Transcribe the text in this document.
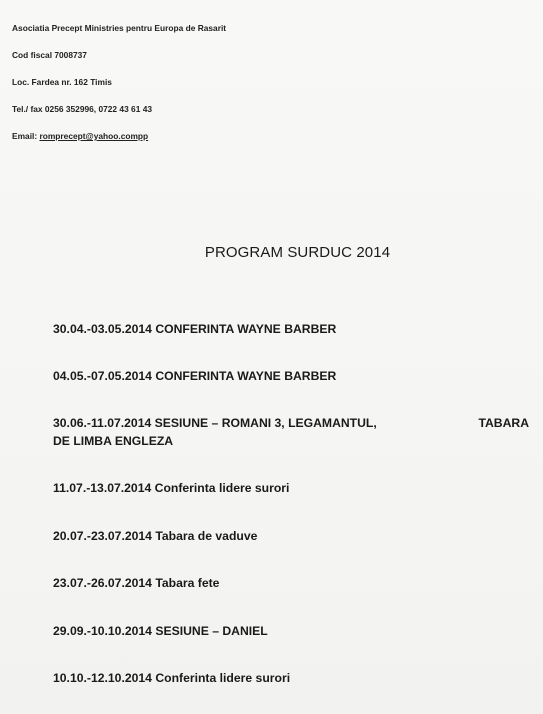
Asociatia Precept Ministries pentru Europa de Rasarit
Cod fiscal 7008737
Loc. Fardea nr. 162 Timis
Tel./ fax 0256 352996, 0722 43 61 43
Email: romprecept@yahoo.compp
PROGRAM SURDUC 2014
30.04.-03.05.2014 CONFERINTA WAYNE BARBER
04.05.-07.05.2014 CONFERINTA WAYNE BARBER
30.06.-11.07.2014 SESIUNE – ROMANI 3, LEGAMANTUL,	TABARA
DE LIMBA ENGLEZA
11.07.-13.07.2014 Conferinta lidere surori
20.07.-23.07.2014 Tabara de vaduve
23.07.-26.07.2014 Tabara fete
29.09.-10.10.2014 SESIUNE – DANIEL
10.10.-12.10.2014 Conferinta lidere surori
